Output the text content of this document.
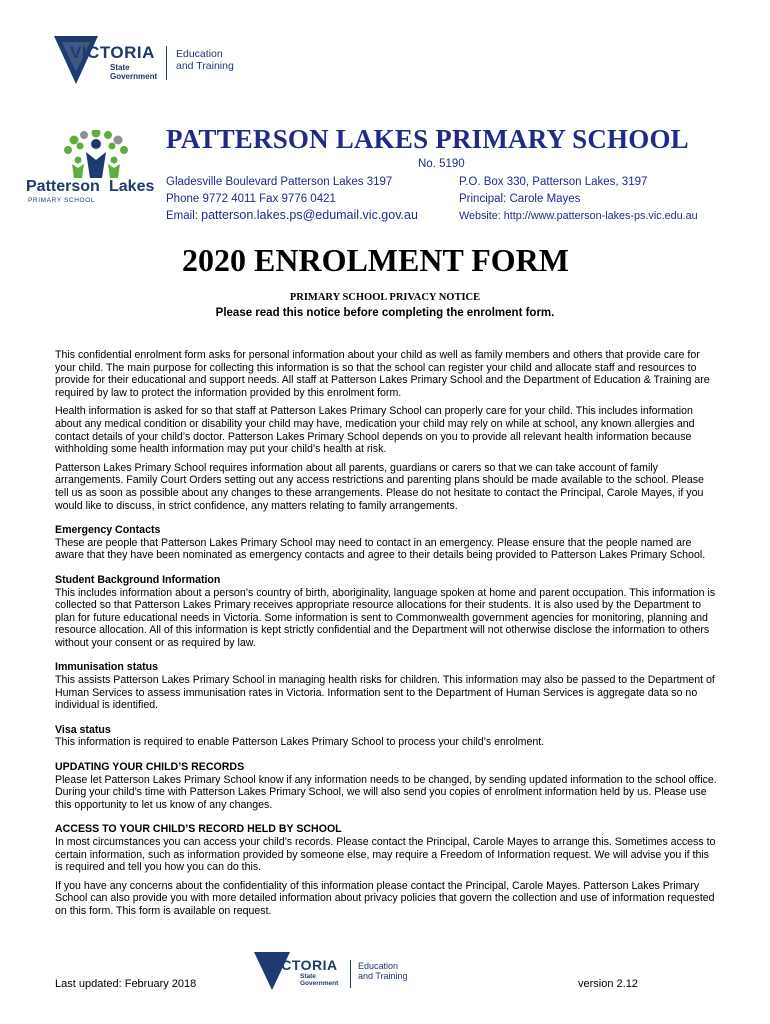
VICTORIA
State
Government
Education
and Training
Patterson Lakes
PRIMARY SCHOOL
PATTERSON LAKES PRIMARY SCHOOL
No. 5190
Gladesville Boulevard Patterson Lakes 3197
Phone 9772 4011 Fax 9776 0421
Email: patterson.lakes.ps@edumail.vic.gov.au
P.O. Box 330, Patterson Lakes, 3197
Principal: Carole Mayes
Website: http://www.patterson-lakes-ps.vic.edu.au
2020 ENROLMENT FORM
PRIMARY SCHOOL PRIVACY NOTICE
Please read this notice before completing the enrolment form.

This confidential enrolment form asks for personal information about your child as well as family members and others that provide care for your child. The main purpose for collecting this information is so that the school can register your child and allocate staff and resources to provide for their educational and support needs. All staff at Patterson Lakes Primary School and the Department of Education & Training are required by law to protect the information provided by this enrolment form.

Health information is asked for so that staff at Patterson Lakes Primary School can properly care for your child. This includes information about any medical condition or disability your child may have, medication your child may rely on while at school, any known allergies and contact details of your child’s doctor. Patterson Lakes Primary School depends on you to provide all relevant health information because withholding some health information may put your child’s health at risk.

Patterson Lakes Primary School requires information about all parents, guardians or carers so that we can take account of family arrangements. Family Court Orders setting out any access restrictions and parenting plans should be made available to the school. Please tell us as soon as possible about any changes to these arrangements. Please do not hesitate to contact the Principal, Carole Mayes, if you would like to discuss, in strict confidence, any matters relating to family arrangements.

Emergency Contacts
These are people that Patterson Lakes Primary School may need to contact in an emergency. Please ensure that the people named are aware that they have been nominated as emergency contacts and agree to their details being provided to Patterson Lakes Primary School.
Student Background Information
This includes information about a person’s country of birth, aboriginality, language spoken at home and parent occupation. This information is collected so that Patterson Lakes Primary receives appropriate resource allocations for their students. It is also used by the Department to plan for future educational needs in Victoria. Some information is sent to Commonwealth government agencies for monitoring, planning and resource allocation. All of this information is kept strictly confidential and the Department will not otherwise disclose the information to others without your consent or as required by law.
Immunisation status
This assists Patterson Lakes Primary School in managing health risks for children. This information may also be passed to the Department of Human Services to assess immunisation rates in Victoria. Information sent to the Department of Human Services is aggregate data so no individual is identified.
Visa status
This information is required to enable Patterson Lakes Primary School to process your child’s enrolment.
UPDATING YOUR CHILD’S RECORDS
Please let Patterson Lakes Primary School know if any information needs to be changed, by sending updated information to the school office. During your child’s time with Patterson Lakes Primary School, we will also send you copies of enrolment information held by us. Please use this opportunity to let us know of any changes.
ACCESS TO YOUR CHILD’S RECORD HELD BY SCHOOL
In most circumstances you can access your child’s records. Please contact the Principal, Carole Mayes to arrange this. Sometimes access to certain information, such as information provided by someone else, may require a Freedom of Information request. We will advise you if this is required and tell you how you can do this.

If you have any concerns about the confidentiality of this information please contact the Principal, Carole Mayes. Patterson Lakes Primary School can also provide you with more detailed information about privacy policies that govern the collection and use of information requested on this form. This form is available on request.

Last updated: February 2018
VICTORIA
State
Government
Education
and Training
version 2.12
